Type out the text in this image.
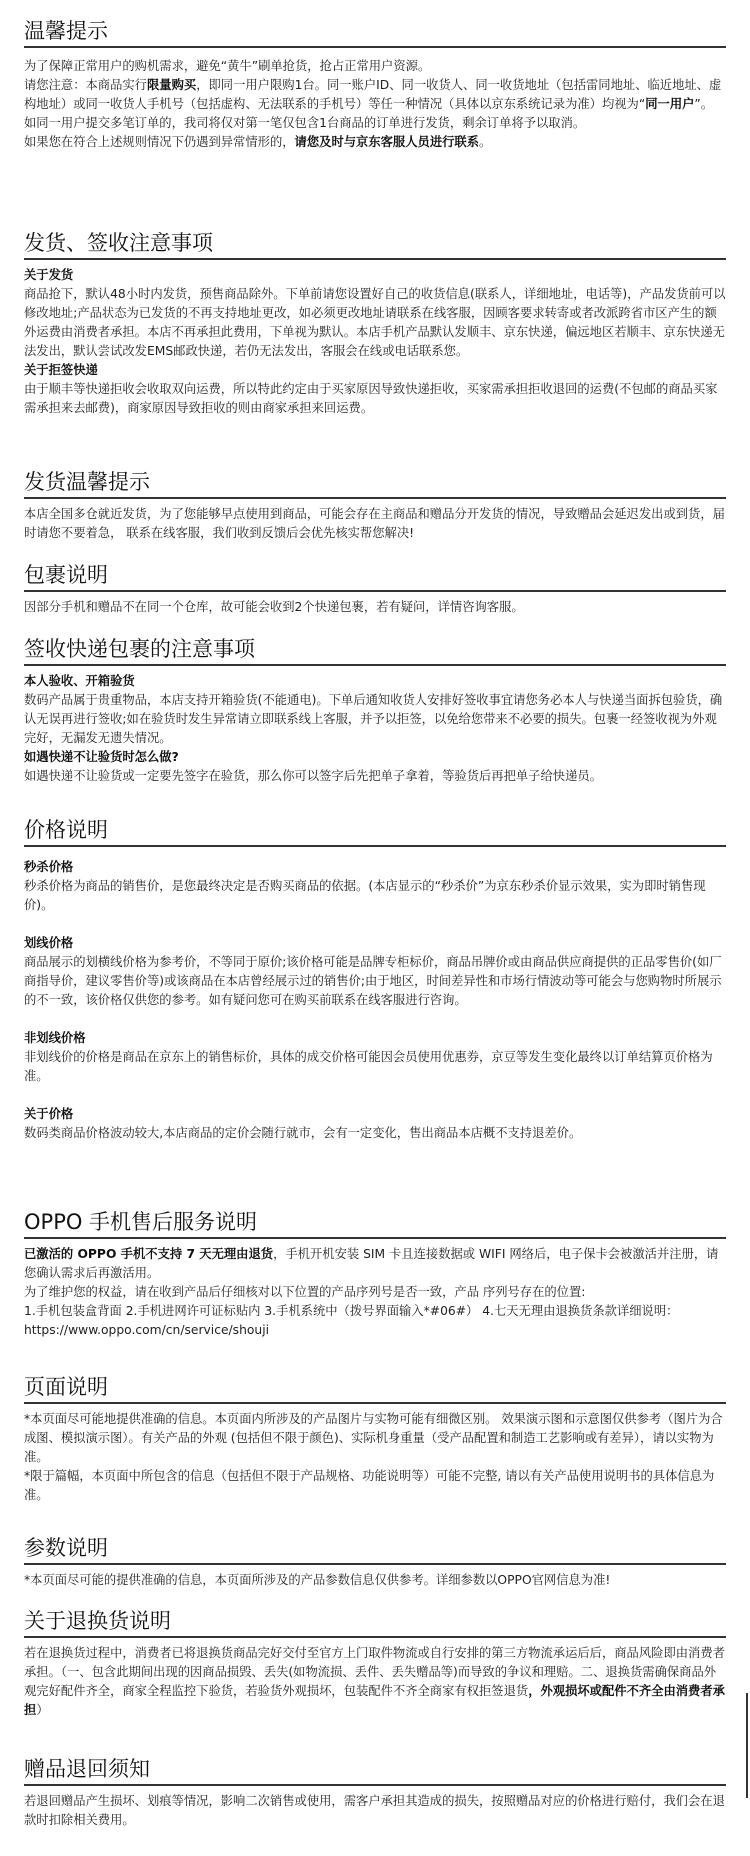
温馨提示

为了保障正常用户的购机需求，避免“黄牛”刷单抢货，抢占正常用户资源。

请您注意：本商品实行限量购买，即同一用户限购1台。同一账户ID、同一收货人、同一收货地址（包括雷同地址、临近地址、虚构地址）或同一收货人手机号（包括虚构、无法联系的手机号）等任一种情况（具体以京东系统记录为准）均视为“同一用户”。

如同一用户提交多笔订单的，我司将仅对第一笔仅包含1台商品的订单进行发货，剩余订单将予以取消。

如果您在符合上述规则情况下仍遇到异常情形的，请您及时与京东客服人员进行联系。

发货、签收注意事项

关于发货

商品抢下，默认48小时内发货，预售商品除外。下单前请您设置好自己的收货信息(联系人，详细地址，电话等)，产品发货前可以修改地址;产品状态为已发货的不再支持地址更改，如必须更改地址请联系在线客服，因顾客要求转寄或者改派跨省市区产生的额外运费由消费者承担。本店不再承担此费用，下单视为默认。本店手机产品默认发顺丰、京东快递，偏远地区若顺丰、京东快递无法发出，默认尝试改发EMS邮政快递，若仍无法发出，客服会在线或电话联系您。

关于拒签快递

由于顺丰等快递拒收会收取双向运费，所以特此约定由于买家原因导致快递拒收，买家需承担拒收退回的运费(不包邮的商品买家需承担来去邮费)，商家原因导致拒收的则由商家承担来回运费。

发货温馨提示

本店全国多仓就近发货，为了您能够早点使用到商品，可能会存在主商品和赠品分开发货的情况，导致赠品会延迟发出或到货，届时请您不要着急， 联系在线客服，我们收到反馈后会优先核实帮您解决!

包裹说明

因部分手机和赠品不在同一个仓库，故可能会收到2个快递包裹，若有疑问，详情咨询客服。

签收快递包裹的注意事项

本人验收、开箱验货

数码产品属于贵重物品，本店支持开箱验货(不能通电)。下单后通知收货人安排好签收事宜请您务必本人与快递当面拆包验货，确认无误再进行签收;如在验货时发生异常请立即联系线上客服，并予以拒签，以免给您带来不必要的损失。包裹一经签收视为外观完好，无漏发无遗失情况。

如遇快递不让验货时怎么做?

如遇快递不让验货或一定要先签字在验货，那么你可以签字后先把单子拿着，等验货后再把单子给快递员。

价格说明

秒杀价格

秒杀价格为商品的销售价，是您最终决定是否购买商品的依据。(本店显示的“秒杀价”为京东秒杀价显示效果，实为即时销售现价)。

划线价格

商品展示的划横线价格为参考价，不等同于原价;该价格可能是品牌专柜标价，商品吊牌价或由商品供应商提供的正品零售价(如厂商指导价，建议零售价等)或该商品在本店曾经展示过的销售价;由于地区，时间差异性和市场行情波动等可能会与您购物时所展示的不一致，该价格仅供您的参考。如有疑问您可在购买前联系在线客服进行咨询。

非划线价格

非划线价的价格是商品在京东上的销售标价，具体的成交价格可能因会员使用优惠券，京豆等发生变化最终以订单结算页价格为准。

关于价格

数码类商品价格波动较大,本店商品的定价会随行就市，会有一定变化，售出商品本店概不支持退差价。

OPPO 手机售后服务说明

已激活的 OPPO 手机不支持 7 天无理由退货，手机开机安装 SIM 卡且连接数据或 WIFI 网络后，电子保卡会被激活并注册，请您确认需求后再激活用。

为了维护您的权益，请在收到产品后仔细核对以下位置的产品序列号是否一致，产品 序列号存在的位置:

1.手机包装盒背面 2.手机进网许可证标贴内 3.手机系统中（拨号界面输入*#06#） 4.七天无理由退换货条款详细说明：https://www.oppo.com/cn/service/shouji

页面说明

*本页面尽可能地提供准确的信息。本页面内所涉及的产品图片与实物可能有细微区别。 效果演示图和示意图仅供参考（图片为合成图、模拟演示图）。有关产品的外观 (包括但不限于颜色)、实际机身重量（受产品配置和制造工艺影响或有差异），请以实物为准。

*限于篇幅，本页面中所包含的信息（包括但不限于产品规格、功能说明等）可能不完整, 请以有关产品使用说明书的具体信息为准。

参数说明

*本页面尽可能的提供准确的信息，本页面所涉及的产品参数信息仅供参考。详细参数以OPPO官网信息为准!

关于退换货说明

若在退换货过程中，消费者已将退换货商品完好交付至官方上门取件物流或自行安排的第三方物流承运后后，商品风险即由消费者承担。（一、包含此期间出现的因商品损毁、丢失(如物流损、丢件、丢失赠品等)而导致的争议和理赔。二、退换货需确保商品外观完好配件齐全，商家全程监控下验货，若验货外观损坏，包装配件不齐全商家有权拒签退货，外观损坏或配件不齐全由消费者承担）

赠品退回须知

若退回赠品产生损坏、划痕等情况，影响二次销售或使用，需客户承担其造成的损失，按照赠品对应的价格进行赔付，我们会在退款时扣除相关费用。
